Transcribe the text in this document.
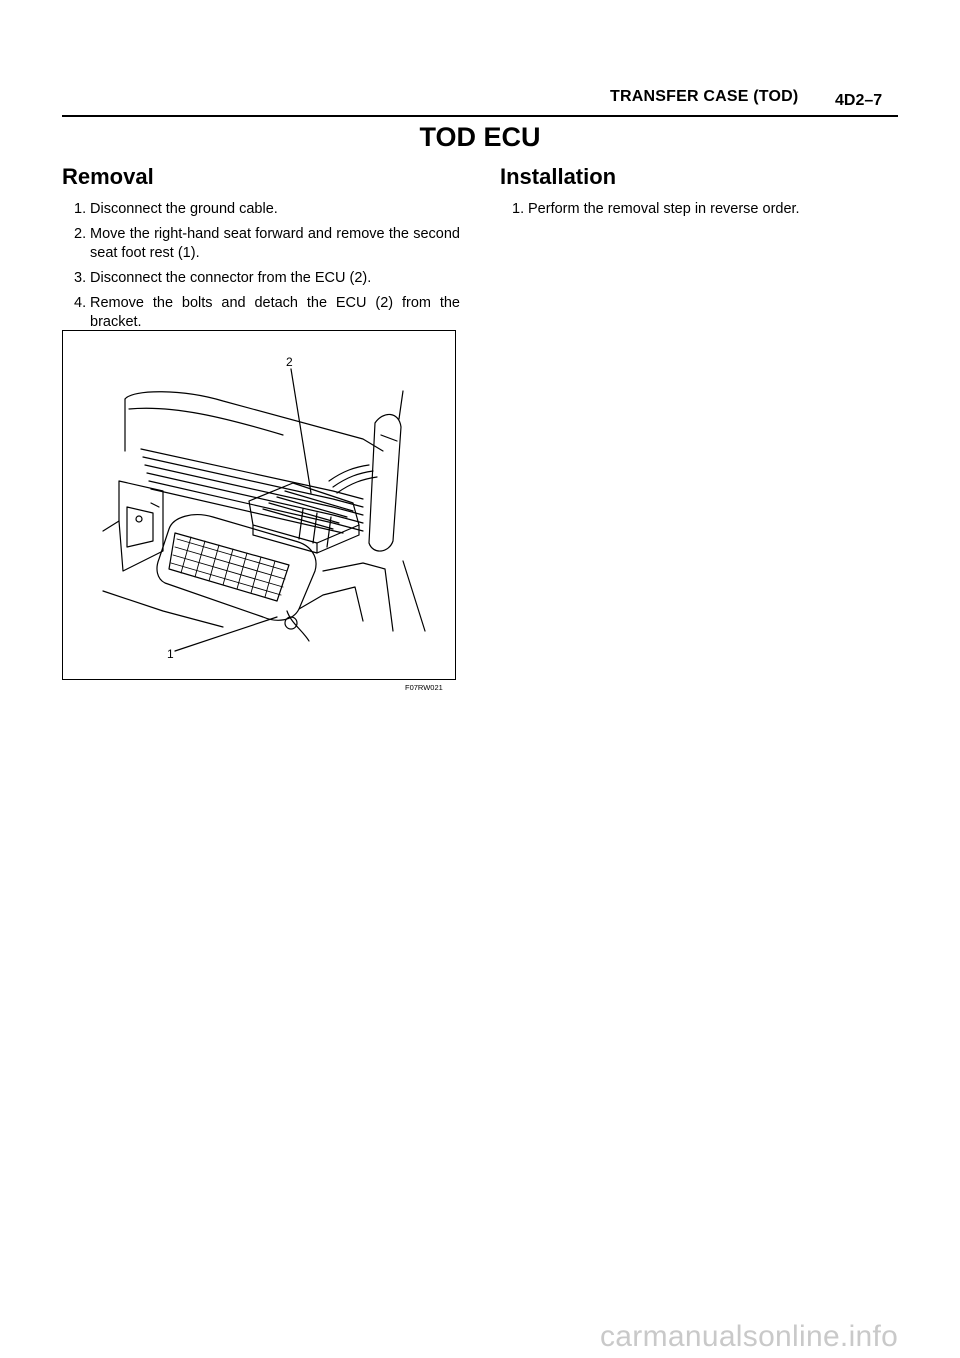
TRANSFER CASE (TOD) 4D2–7
TOD ECU
Removal
1. Disconnect the ground cable.
2. Move the right-hand seat forward and remove the second seat foot rest (1).
3. Disconnect the connector from the ECU (2).
4. Remove the bolts and detach the ECU (2) from the bracket.
Installation
1. Perform the removal step in reverse order.
2
1
F07RW021
carmanualsonline.info
